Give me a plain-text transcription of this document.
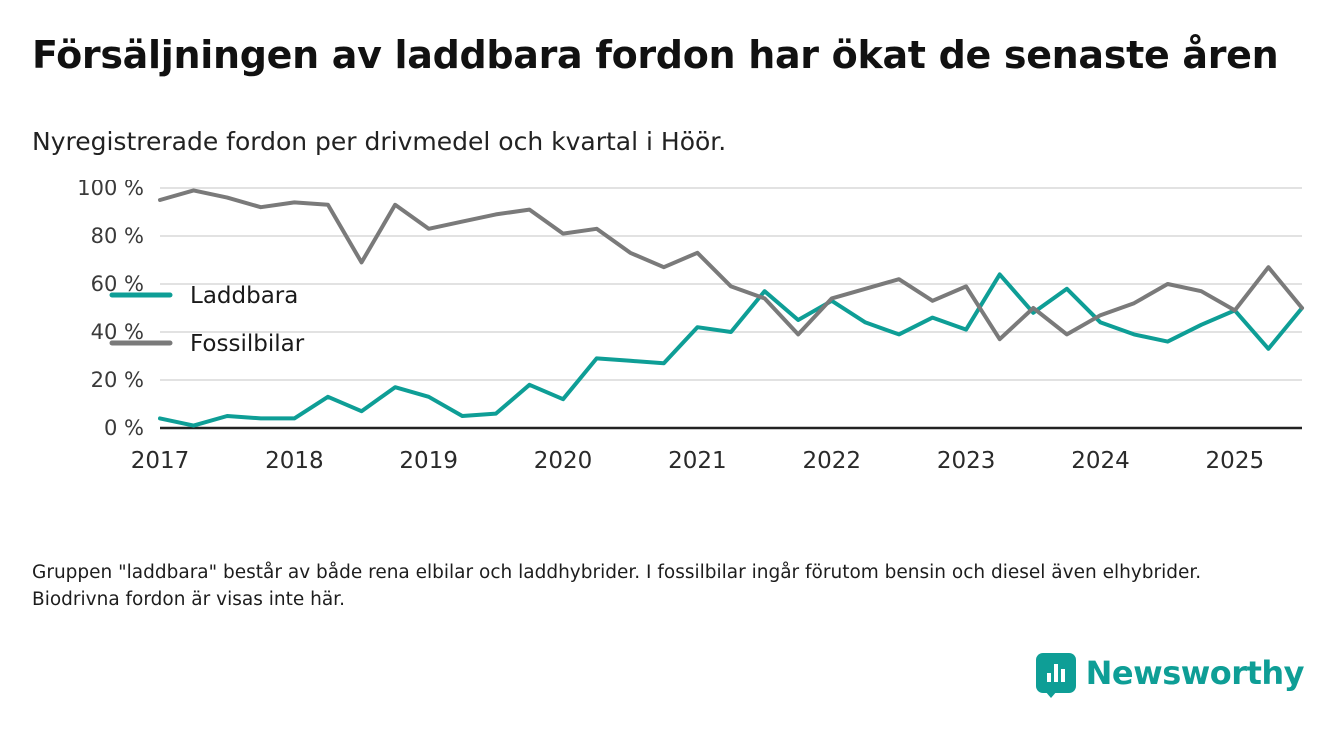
Försäljningen av laddbara fordon har ökat de senaste åren
Nyregistrerade fordon per drivmedel och kvartal i Höör.
0 %
20 %
40 %
60 %
80 %
100 %
2017	2018	2019	2020	2021	2022	2023	2024	2025
Laddbara
Fossilbilar
Gruppen "laddbara" består av både rena elbilar och laddhybrider. I fossilbilar ingår förutom bensin och diesel även elhybrider. Biodrivna fordon är visas inte här.
Newsworthy
